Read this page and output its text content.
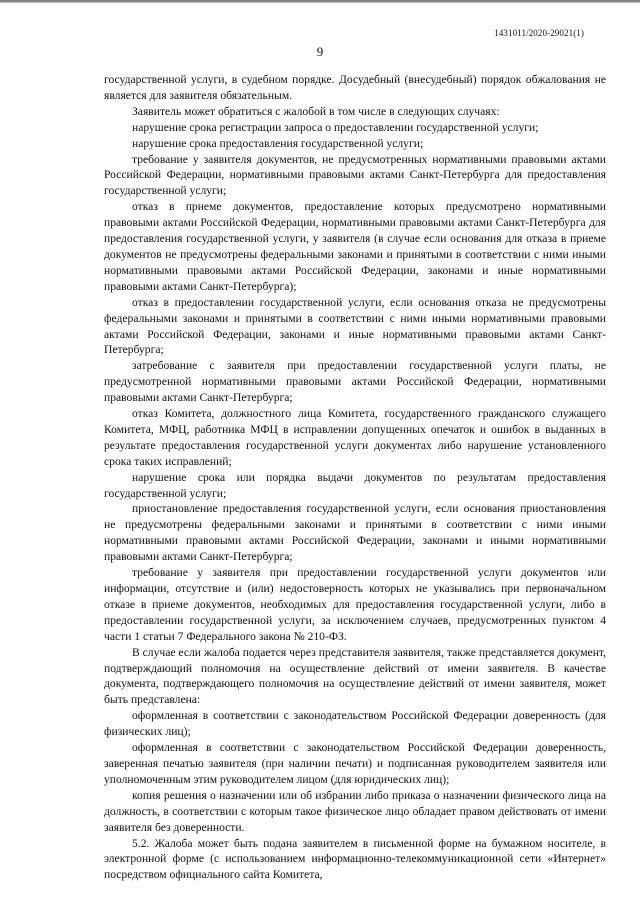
1431011/2020-29021(1)
9

государственной услуги, в судебном порядке. Досудебный (внесудебный) порядок обжалования не является для заявителя обязательным.

Заявитель может обратиться с жалобой в том числе в следующих случаях:

нарушение срока регистрации запроса о предоставлении государственной услуги;

нарушение срока предоставления государственной услуги;

требование у заявителя документов, не предусмотренных нормативными правовыми актами Российской Федерации, нормативными правовыми актами Санкт-Петербурга для предоставления государственной услуги;

отказ в приеме документов, предоставление которых предусмотрено нормативными правовыми актами Российской Федерации, нормативными правовыми актами Санкт-Петербурга для предоставления государственной услуги, у заявителя (в случае если основания для отказа в приеме документов не предусмотрены федеральными законами и принятыми в соответствии с ними иными нормативными правовыми актами Российской Федерации, законами и иные нормативными правовыми актами Санкт-Петербурга);

отказ в предоставлении государственной услуги, если основания отказа не предусмотрены федеральными законами и принятыми в соответствии с ними иными нормативными правовыми актами Российской Федерации, законами и иные нормативными правовыми актами Санкт-Петербурга;

затребование с заявителя при предоставлении государственной услуги платы, не предусмотренной нормативными правовыми актами Российской Федерации, нормативными правовыми актами Санкт-Петербурга;

отказ Комитета, должностного лица Комитета, государственного гражданского служащего Комитета, МФЦ, работника МФЦ в исправлении допущенных опечаток и ошибок в выданных в результате предоставления государственной услуги документах либо нарушение установленного срока таких исправлений;

нарушение срока или порядка выдачи документов по результатам предоставления государственной услуги;

приостановление предоставления государственной услуги, если основания приостановления не предусмотрены федеральными законами и принятыми в соответствии с ними иными нормативными правовыми актами Российской Федерации, законами и иными нормативными правовыми актами Санкт-Петербурга;

требование у заявителя при предоставлении государственной услуги документов или информации, отсутствие и (или) недостоверность которых не указывались при первоначальном отказе в приеме документов, необходимых для предоставления государственной услуги, либо в предоставлении государственной услуги, за исключением случаев, предусмотренных пунктом 4 части 1 статьи 7 Федерального закона № 210-ФЗ.

В случае если жалоба подается через представителя заявителя, также представляется документ, подтверждающий полномочия на осуществление действий от имени заявителя. В качестве документа, подтверждающего полномочия на осуществление действий от имени заявителя, может быть представлена:

оформленная в соответствии с законодательством Российской Федерации доверенность (для физических лиц);

оформленная в соответствии с законодательством Российской Федерации доверенность, заверенная печатью заявителя (при наличии печати) и подписанная руководителем заявителя или уполномоченным этим руководителем лицом (для юридических лиц);

копия решения о назначении или об избрании либо приказа о назначении физического лица на должность, в соответствии с которым такое физическое лицо обладает правом действовать от имени заявителя без доверенности.

5.2. Жалоба может быть подана заявителем в письменной форме на бумажном носителе, в электронной форме (с использованием информационно-телекоммуникационной сети «Интернет» посредством официального сайта Комитета,
